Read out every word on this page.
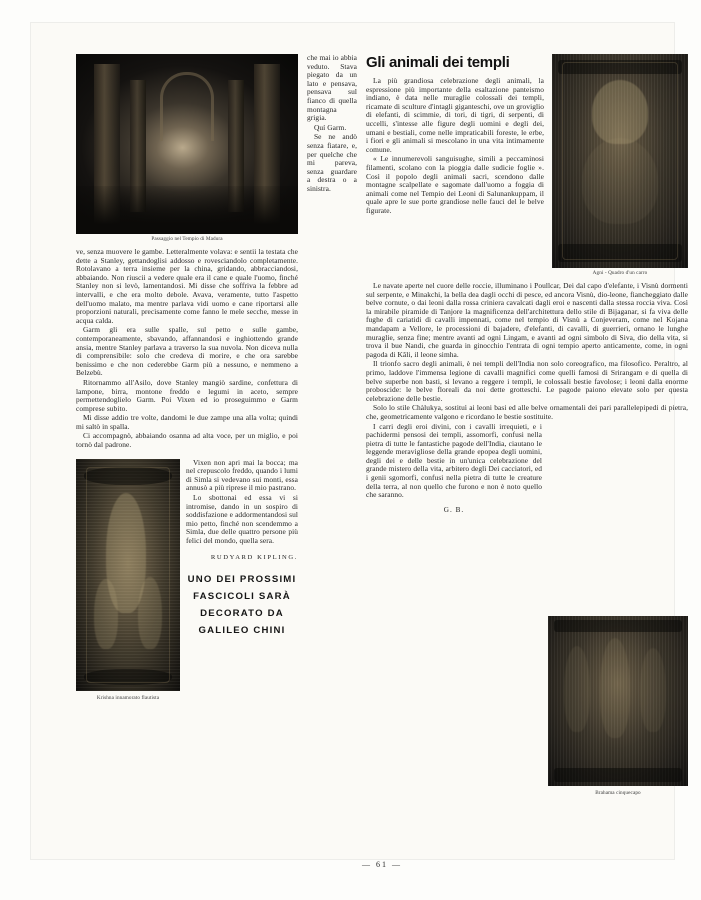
Passaggio nel Tempio di Madura

ve, senza muovere le gambe. Letteralmente volava: e sentii la testata che dette a Stanley, gettandoglisi addosso e rovesciandolo completamente. Rotolavano a terra insieme per la china, gridando, abbracciandosi, abbaiando. Non riuscii a vedere quale era il cane e quale l'uomo, finché Stanley non si levò, lamentandosi. Mi disse che soffriva la febbre ad intervalli, e che era molto debole. Avava, veramente, tutto l'aspetto dell'uomo malato, ma mentre parlava vidi uomo e cane riportarsi alle proporzioni naturali, precisamente come fanno le mele secche, messe in acqua calda.

Garm gli era sulle spalle, sul petto e sulle gambe, contemporaneamente, sbavando, affannandosi e inghiottendo grande ansia, mentre Stanley parlava a traverso la sua nuvola. Non diceva nulla di comprensibile: solo che credeva di morire, e che ora sarebbe benissimo e che non cederebbe Garm più a nessuno, e nemmeno a Belzebù.

Ritornammo all'Asilo, dove Stanley mangiò sardine, confettura di lampone, birra, montone freddo e legumi in aceto, sempre permettendoglielo Garm. Poi Vixen ed io proseguimmo e Garm comprese subito.

Mi disse addio tre volte, dandomi le due zampe una alla volta; quindi mi saltò in spalla.

Ci accompagnò, abbaiando osanna ad alta voce, per un miglio, e poi tornò dal padrone.

Vixen non apri mai la bocca; ma nel crepuscolo freddo, quando i lumi di Simla si vedevano sui monti, essa annusò a più riprese il mio pastrano.

Lo sbottonai ed essa vi si intromise, dando in un sospiro di soddisfazione e addormentandosi sul mio petto, finché non scendemmo a Simla, due delle quattro persone più felici del mondo, quella sera.

RUDYARD KIPLING.
UNO DEI PROSSIMI
FASCICOLI SARÀ
DECORATO DA
GALILEO CHINI
Krishna innamorato flautista

che mai io abbia veduto. Stava piegato da un lato e pensava, pensava sul fianco di quella montagna grigia.

Quí Garm.

Se ne andò senza fiatare, e, per quelche che mi pareva, senza guardare a destra o a sinistra.

Gli animali dei templi

La più grandiosa celebrazione degli animali, la espressione più importante della esaltazione panteismo indiano, è data nelle muraglie colossali dei templi, ricamate di sculture d'intagli giganteschi, ove un groviglio di elefanti, di scimmie, di tori, di tigri, di serpenti, di uccelli, s'intesse alle figure degli uomini e degli dei, umani e bestiali, come nelle impraticabili foreste, le erbe, i fiori e gli animali si mescolano in una vita intimamente comune.

« Le innumerevoli sanguisughe, simili a peccaminosi filamenti, scolano con la pioggia dalle sudicie foglie ». Così il popolo degli animali sacri, scendono dalle montagne scalpellate e sagomate dall'uomo a foggia di animali come nel Tempio dei Leoni di Salunankuppam, il quale apre le sue porte grandiose nelle fauci del le belve figurate.

Agni - Quadro d'un carro

Le navate aperte nel cuore delle roccie, illuminano i Poullcar, Dei dal capo d'elefante, i Visnù dormenti sul serpente, e Minakchi, la bella dea dagli occhi di pesce, ed ancora Visnù, dio-leone, fiancheggiato dalle belve cornute, o dai leoni dalla rossa criniera cavalcati dagli eroi e nascenti dalla stessa roccia viva. Così la mirabile piramide di Tanjore la magnificenza dell'architettura dello stile di Bijaganar, si fa viva delle fughe di cariatidi di cavalli impennati, come nel tempio di Visnù a Conjeveram, come nel Kojana mandapam a Vellore, le processioni di bajadere, d'elefanti, di cavalli, di guerrieri, ornano le lunghe muraglie, senza fine; mentre avanti ad ogni Lingam, e avanti ad ogni simbolo di Siva, dio della vita, si trova il bue Nandi, che guarda in ginocchio l'entrata di ogni tempio aperto anticamente, come, in ogni pagoda di Kâli, il leone simha.

Il trionfo sacro degli animali, è nei templi dell'India non solo coreografico, ma filosofico. Peraltro, al primo, laddove l'immensa legione di cavalli magnifici come quelli famosi di Srirangam e di quella di belve superbe non basti, si levano a reggere i templi, le colossali bestie favolose; i leoni dalla enorme proboscide: le belve floreali da noi dette grotteschi. Le pagode paiono elevate solo per questa celebrazione delle bestie.

Solo lo stile Chàlukya, sostituì ai leoni basi ed alle belve ornamentali dei pari parallelepipedi di pietra, che, geometricamente valgono e ricordano le bestie sostituite.

I carri degli eroi divini, con i cavalli irrequieti, e i pachidermi pensosi dei templi, assomorfi, confusi nella pietra di tutte le fantastiche pagode dell'India, ciautano le leggende meravigliose della grande epopea degli uomini, degli dei e delle bestie in un'unica celebrazione del grande mistero della vita, arbitero degli Dei cacciatori, ed i genii sgomorfi, confusi nella pietra di tutte le creature della terra, al non quello che furono e non è noto quello che saranno.

G. B.
Brahama cinquecapo
— 61 —
